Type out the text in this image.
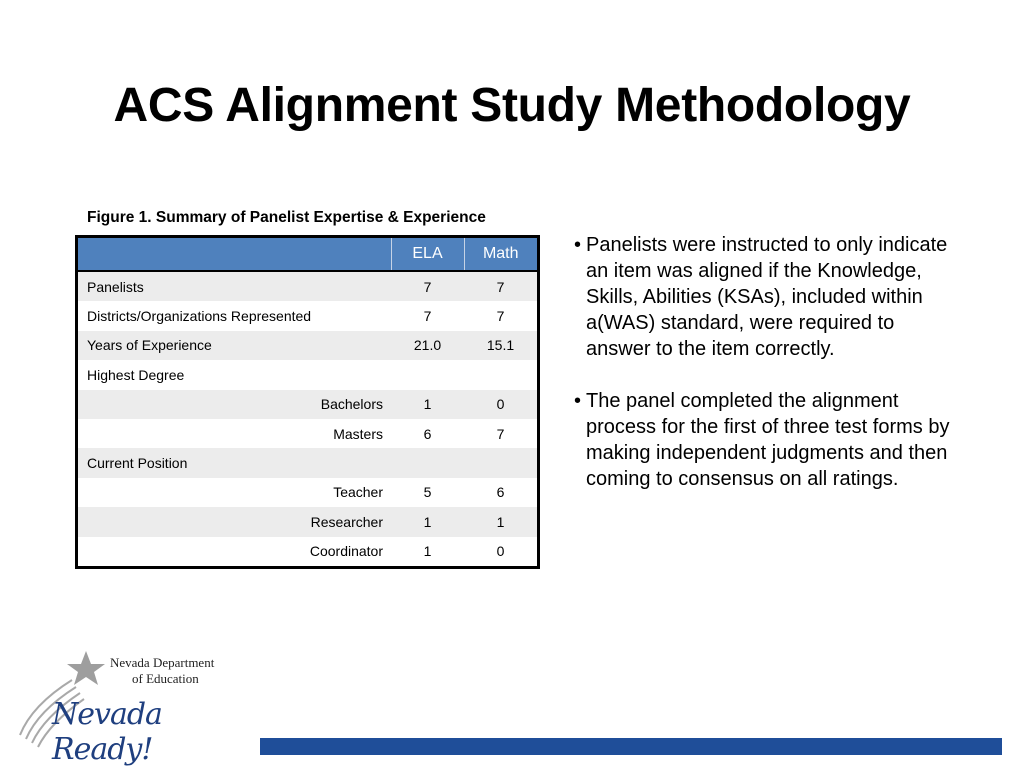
ACS Alignment Study Methodology
Figure 1. Summary of Panelist Expertise & Experience
	ELA	Math
Panelists	7	7
Districts/Organizations Represented	7	7
Years of Experience	21.0	15.1
Highest Degree		
Bachelors	1	0
Masters	6	7
Current Position		
Teacher	5	6
Researcher	1	1
Coordinator	1	0
• Panelists were instructed to only indicate an item was aligned if the Knowledge, Skills, Abilities (KSAs), included within a(WAS) standard, were required to answer to the item correctly.
• The panel completed the alignment process for the first of three test forms by making independent judgments and then coming to consensus on all ratings.
Nevada Department
of Education
Nevada Ready!
